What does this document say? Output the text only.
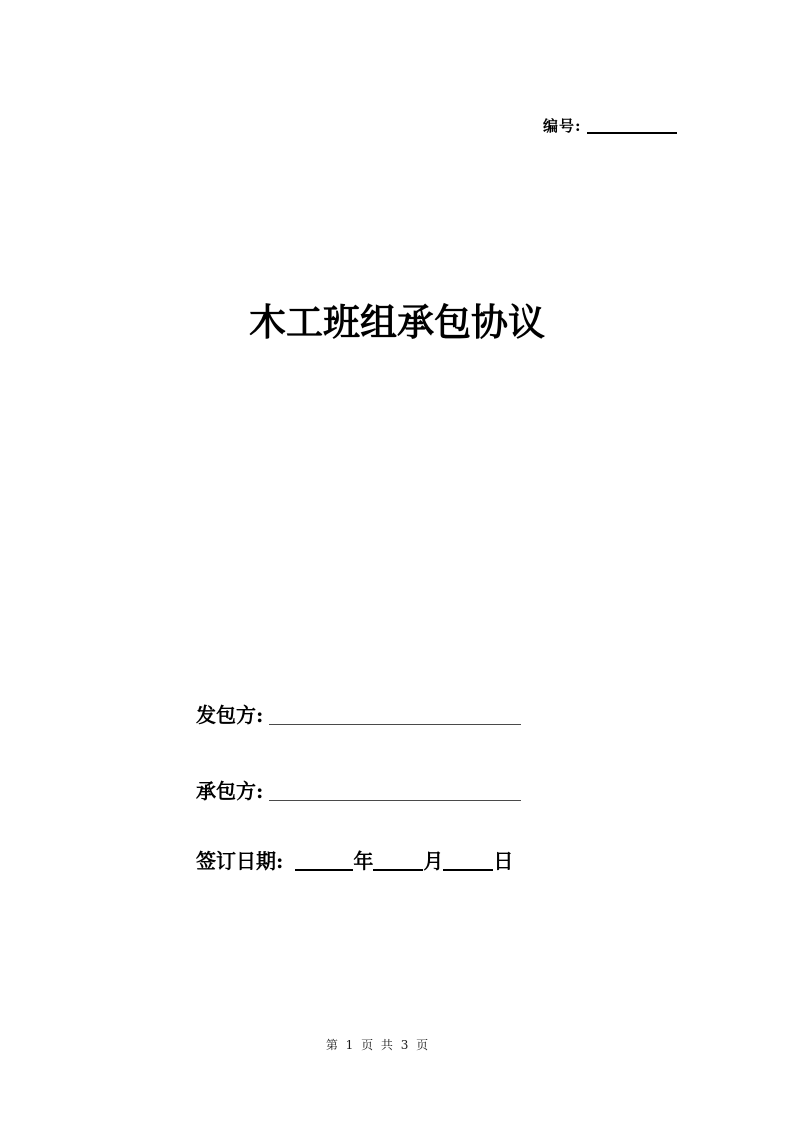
编号:
木工班组承包协议
发包方:
承包方:
签订日期:	年	月	日
第 1 页 共 3 页
